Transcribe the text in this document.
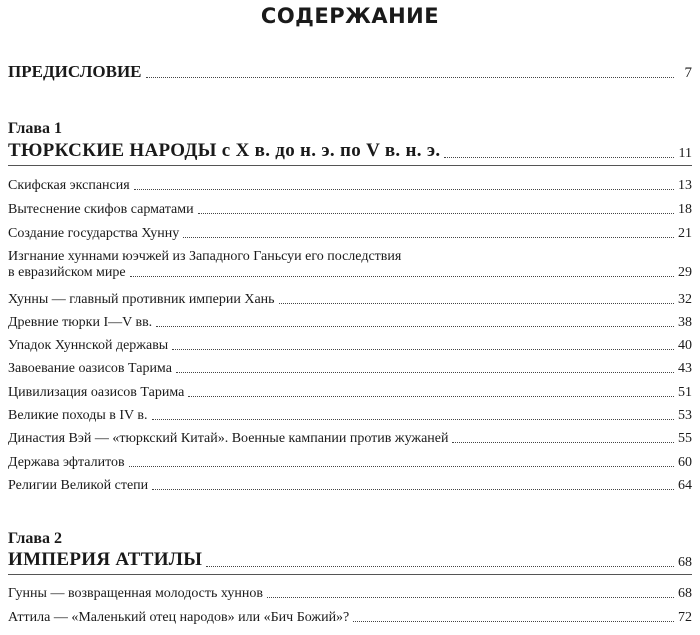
СОДЕРЖАНИЕ
ПРЕДИСЛОВИЕ	7
Глава 1
ТЮРКСКИЕ НАРОДЫ с X в. до н. э. по V в. н. э.	11
Скифская экспансия	13
Вытеснение скифов сарматами	18
Создание государства Хунну	21
Изгнание хуннами юэчжей из Западного Ганьсуи его последствия
в евразийском мире	29
Хунны — главный противник империи Хань	32
Древние тюрки I—V вв.	38
Упадок Хуннской державы	40
Завоевание оазисов Тарима	43
Цивилизация оазисов Тарима	51
Великие походы в IV в.	53
Династия Вэй — «тюркский Китай». Военные кампании против жужаней	55
Держава эфталитов	60
Религии Великой степи	64
Глава 2
ИМПЕРИЯ АТТИЛЫ	68
Гунны — возвращенная молодость хуннов	68
Аттила — «Маленький отец народов» или «Бич Божий»?	72
